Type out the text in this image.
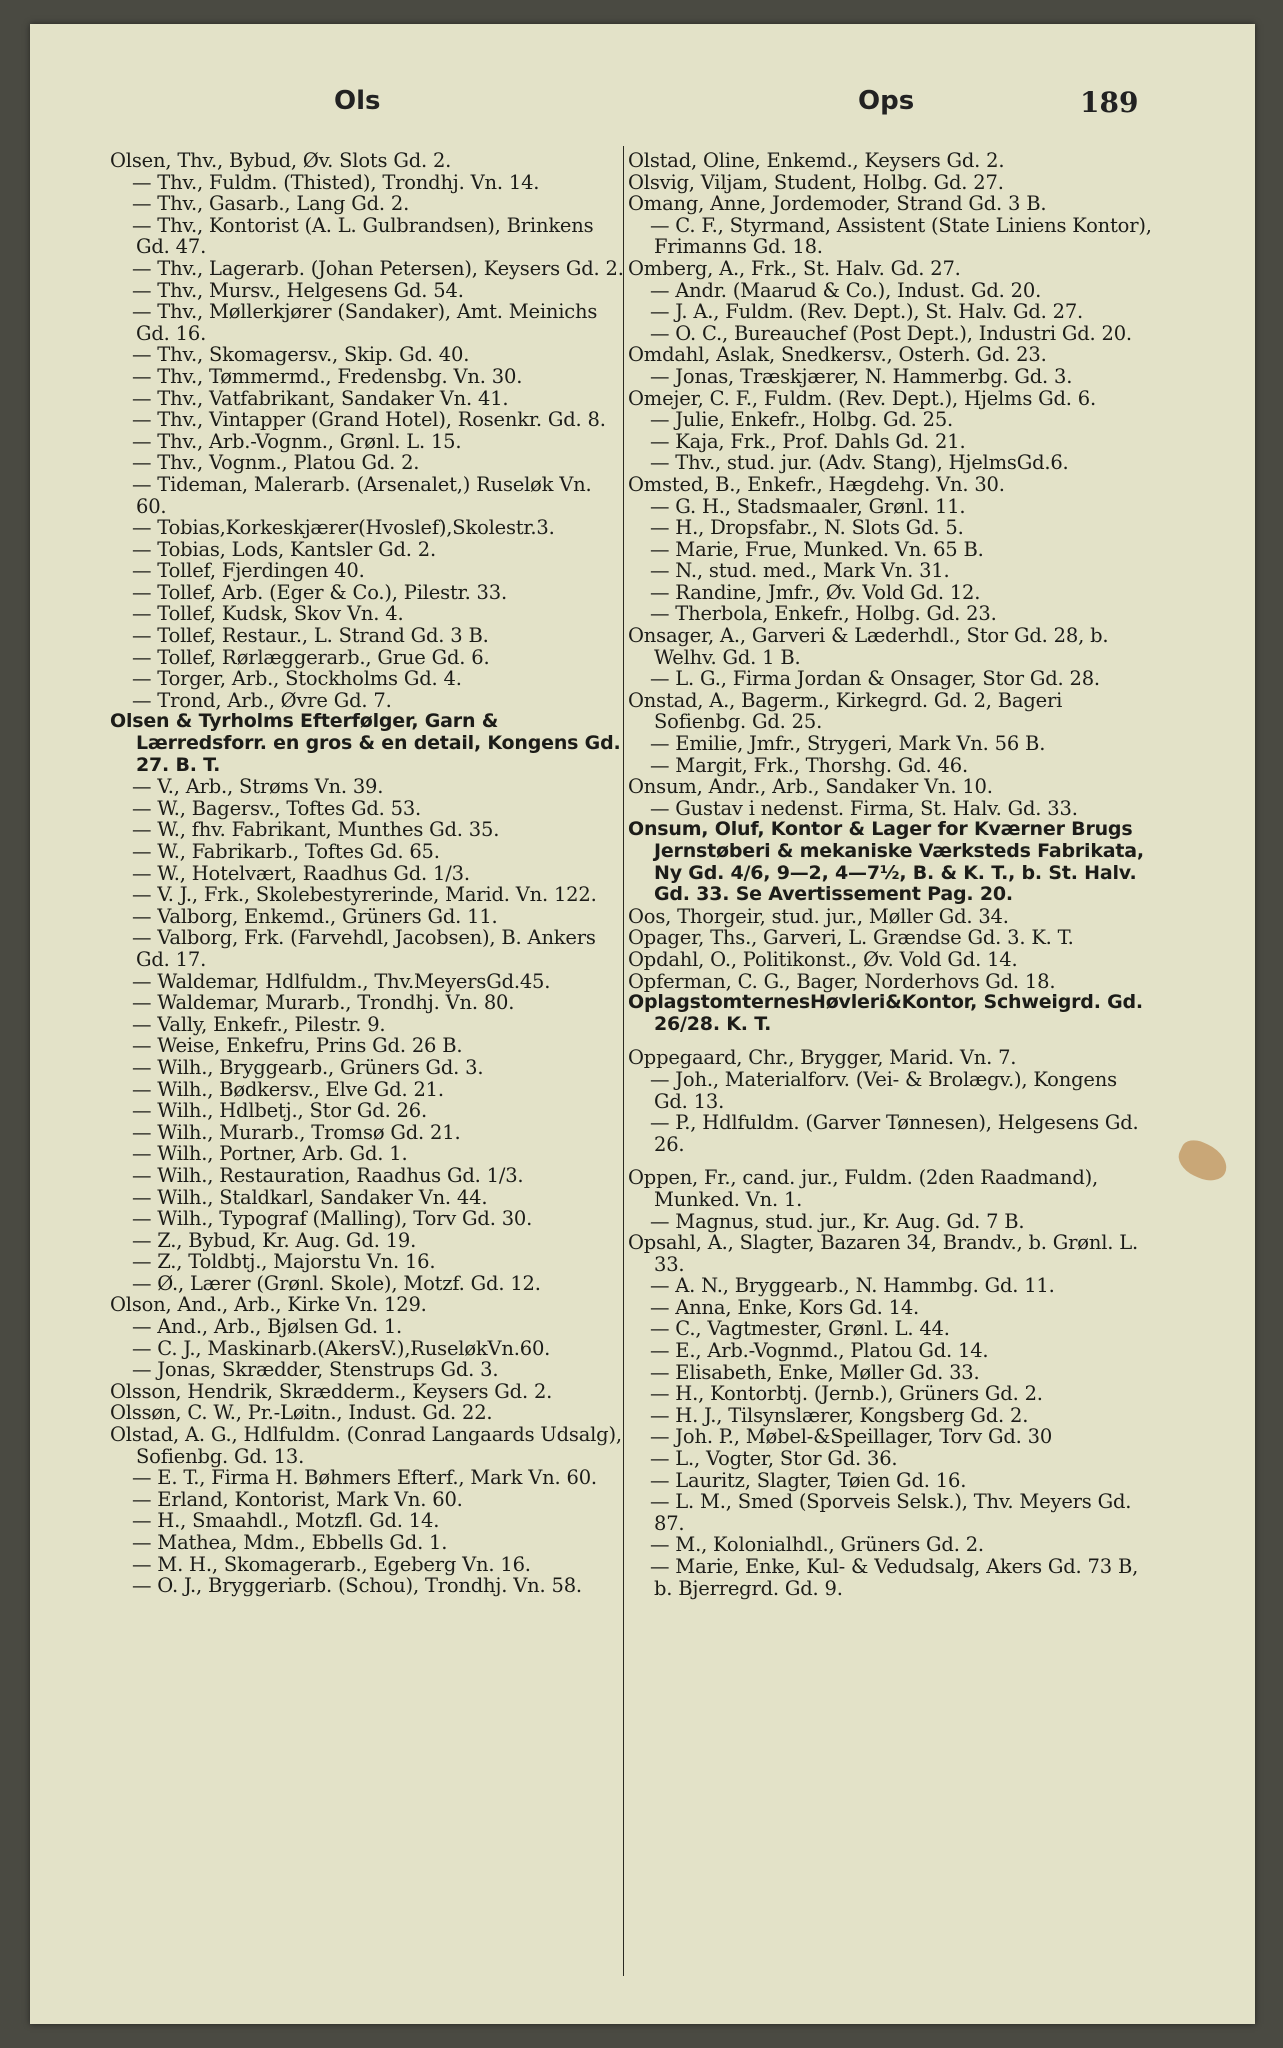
Ols	Ops	189

Olsen, Thv., Bybud, Øv. Slots Gd. 2.

— Thv., Fuldm. (Thisted), Trondhj. Vn. 14.

— Thv., Gasarb., Lang Gd. 2.

— Thv., Kontorist (A. L. Gulbrandsen), Brinkens Gd. 47.

— Thv., Lagerarb. (Johan Petersen), Keysers Gd. 2.

— Thv., Mursv., Helgesens Gd. 54.

— Thv., Møllerkjører (Sandaker), Amt. Meinichs Gd. 16.

— Thv., Skomagersv., Skip. Gd. 40.

— Thv., Tømmermd., Fredensbg. Vn. 30.

— Thv., Vatfabrikant, Sandaker Vn. 41.

— Thv., Vintapper (Grand Hotel), Rosenkr. Gd. 8.

— Thv., Arb.-Vognm., Grønl. L. 15.

— Thv., Vognm., Platou Gd. 2.

— Tideman, Malerarb. (Arsenalet,) Ruseløk Vn. 60.

— Tobias,Korkeskjærer(Hvoslef),Skolestr.3.

— Tobias, Lods, Kantsler Gd. 2.

— Tollef, Fjerdingen 40.

— Tollef, Arb. (Eger & Co.), Pilestr. 33.

— Tollef, Kudsk, Skov Vn. 4.

— Tollef, Restaur., L. Strand Gd. 3 B.

— Tollef, Rørlæggerarb., Grue Gd. 6.

— Torger, Arb., Stockholms Gd. 4.

— Trond, Arb., Øvre Gd. 7.

Olsen & Tyrholms Efterfølger, Garn & Lærredsforr. en gros & en detail, Kongens Gd. 27. B. T.

— V., Arb., Strøms Vn. 39.

— W., Bagersv., Toftes Gd. 53.

— W., fhv. Fabrikant, Munthes Gd. 35.

— W., Fabrikarb., Toftes Gd. 65.

— W., Hotelvært, Raadhus Gd. 1/3.

— V. J., Frk., Skolebestyrerinde, Marid. Vn. 122.

— Valborg, Enkemd., Grüners Gd. 11.

— Valborg, Frk. (Farvehdl, Jacobsen), B. Ankers Gd. 17.

— Waldemar, Hdlfuldm., Thv.MeyersGd.45.

— Waldemar, Murarb., Trondhj. Vn. 80.

— Vally, Enkefr., Pilestr. 9.

— Weise, Enkefru, Prins Gd. 26 B.

— Wilh., Bryggearb., Grüners Gd. 3.

— Wilh., Bødkersv., Elve Gd. 21.

— Wilh., Hdlbetj., Stor Gd. 26.

— Wilh., Murarb., Tromsø Gd. 21.

— Wilh., Portner, Arb. Gd. 1.

— Wilh., Restauration, Raadhus Gd. 1/3.

— Wilh., Staldkarl, Sandaker Vn. 44.

— Wilh., Typograf (Malling), Torv Gd. 30.

— Z., Bybud, Kr. Aug. Gd. 19.

— Z., Toldbtj., Majorstu Vn. 16.

— Ø., Lærer (Grønl. Skole), Motzf. Gd. 12.

Olson, And., Arb., Kirke Vn. 129.

— And., Arb., Bjølsen Gd. 1.

— C. J., Maskinarb.(AkersV.),RuseløkVn.60.

— Jonas, Skrædder, Stenstrups Gd. 3.

Olsson, Hendrik, Skrædderm., Keysers Gd. 2.

Olssøn, C. W., Pr.-Løitn., Indust. Gd. 22.

Olstad, A. G., Hdlfuldm. (Conrad Langaards Udsalg), Sofienbg. Gd. 13.

— E. T., Firma H. Bøhmers Efterf., Mark Vn. 60.

— Erland, Kontorist, Mark Vn. 60.

— H., Smaahdl., Motzfl. Gd. 14.

— Mathea, Mdm., Ebbells Gd. 1.

— M. H., Skomagerarb., Egeberg Vn. 16.

— O. J., Bryggeriarb. (Schou), Trondhj. Vn. 58.

Olstad, Oline, Enkemd., Keysers Gd. 2.

Olsvig, Viljam, Student, Holbg. Gd. 27.

Omang, Anne, Jordemoder, Strand Gd. 3 B.

— C. F., Styrmand, Assistent (State Liniens Kontor), Frimanns Gd. 18.

Omberg, A., Frk., St. Halv. Gd. 27.

— Andr. (Maarud & Co.), Indust. Gd. 20.

— J. A., Fuldm. (Rev. Dept.), St. Halv. Gd. 27.

— O. C., Bureauchef (Post Dept.), Industri Gd. 20.

Omdahl, Aslak, Snedkersv., Osterh. Gd. 23.

— Jonas, Træskjærer, N. Hammerbg. Gd. 3.

Omejer, C. F., Fuldm. (Rev. Dept.), Hjelms Gd. 6.

— Julie, Enkefr., Holbg. Gd. 25.

— Kaja, Frk., Prof. Dahls Gd. 21.

— Thv., stud. jur. (Adv. Stang), HjelmsGd.6.

Omsted, B., Enkefr., Hægdehg. Vn. 30.

— G. H., Stadsmaaler, Grønl. 11.

— H., Dropsfabr., N. Slots Gd. 5.

— Marie, Frue, Munked. Vn. 65 B.

— N., stud. med., Mark Vn. 31.

— Randine, Jmfr., Øv. Vold Gd. 12.

— Therbola, Enkefr., Holbg. Gd. 23.

Onsager, A., Garveri & Læderhdl., Stor Gd. 28, b. Welhv. Gd. 1 B.

— L. G., Firma Jordan & Onsager, Stor Gd. 28.

Onstad, A., Bagerm., Kirkegrd. Gd. 2, Bageri Sofienbg. Gd. 25.

— Emilie, Jmfr., Strygeri, Mark Vn. 56 B.

— Margit, Frk., Thorshg. Gd. 46.

Onsum, Andr., Arb., Sandaker Vn. 10.

— Gustav i nedenst. Firma, St. Halv. Gd. 33.

Onsum, Oluf, Kontor & Lager for Kværner Brugs Jernstøberi & mekaniske Værksteds Fabrikata, Ny Gd. 4/6, 9—2, 4—7½, B. & K. T., b. St. Halv. Gd. 33. Se Avertissement Pag. 20.

Oos, Thorgeir, stud. jur., Møller Gd. 34.

Opager, Ths., Garveri, L. Grændse Gd. 3. K. T.

Opdahl, O., Politikonst., Øv. Vold Gd. 14.

Opferman, C. G., Bager, Norderhovs Gd. 18.

OplagstomternesHøvleri&Kontor, Schweigrd. Gd. 26/28. K. T.

Oppegaard, Chr., Brygger, Marid. Vn. 7.

— Joh., Materialforv. (Vei- & Brolægv.), Kongens Gd. 13.

— P., Hdlfuldm. (Garver Tønnesen), Helgesens Gd. 26.

Oppen, Fr., cand. jur., Fuldm. (2den Raadmand), Munked. Vn. 1.

— Magnus, stud. jur., Kr. Aug. Gd. 7 B.

Opsahl, A., Slagter, Bazaren 34, Brandv., b. Grønl. L. 33.

— A. N., Bryggearb., N. Hammbg. Gd. 11.

— Anna, Enke, Kors Gd. 14.

— C., Vagtmester, Grønl. L. 44.

— E., Arb.-Vognmd., Platou Gd. 14.

— Elisabeth, Enke, Møller Gd. 33.

— H., Kontorbtj. (Jernb.), Grüners Gd. 2.

— H. J., Tilsynslærer, Kongsberg Gd. 2.

— Joh. P., Møbel-&Speillager, Torv Gd. 30

— L., Vogter, Stor Gd. 36.

— Lauritz, Slagter, Tøien Gd. 16.

— L. M., Smed (Sporveis Selsk.), Thv. Meyers Gd. 87.

— M., Kolonialhdl., Grüners Gd. 2.

— Marie, Enke, Kul- & Vedudsalg, Akers Gd. 73 B, b. Bjerregrd. Gd. 9.
